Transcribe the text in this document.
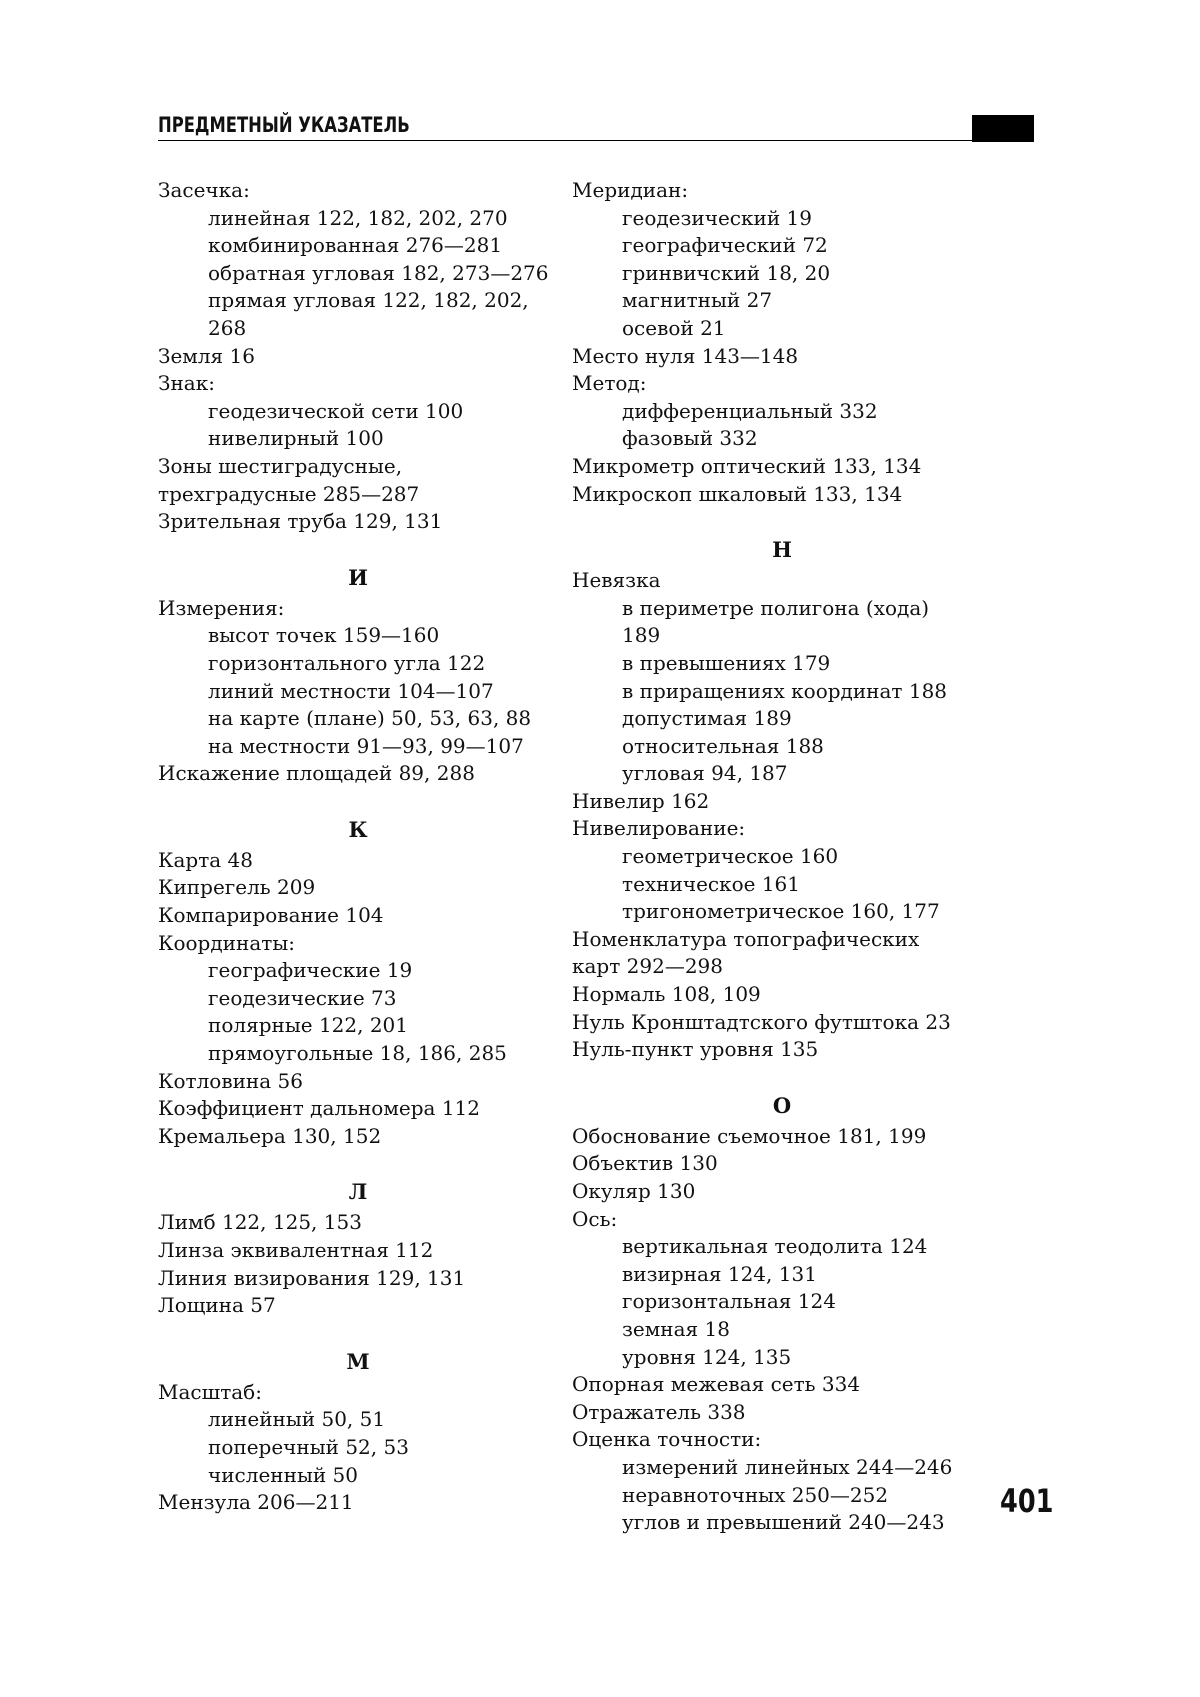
ПРЕДМЕТНЫЙ УКАЗАТЕЛЬ
Засечка:
линейная 122, 182, 202, 270
комбинированная 276—281
обратная угловая 182, 273—276
прямая угловая 122, 182, 202,
268
Земля 16
Знак:
геодезической сети 100
нивелирный 100
Зоны шестиградусные,
трехградусные 285—287
Зрительная труба 129, 131
И
Измерения:
высот точек 159—160
горизонтального угла 122
линий местности 104—107
на карте (плане) 50, 53, 63, 88
на местности 91—93, 99—107
Искажение площадей 89, 288
К
Карта 48
Кипрегель 209
Компарирование 104
Координаты:
географические 19
геодезические 73
полярные 122, 201
прямоугольные 18, 186, 285
Котловина 56
Коэффициент дальномера 112
Кремальера 130, 152
Л
Лимб 122, 125, 153
Линза эквивалентная 112
Линия визирования 129, 131
Лощина 57
М
Масштаб:
линейный 50, 51
поперечный 52, 53
численный 50
Мензула 206—211
Меридиан:
геодезический 19
географический 72
гринвичский 18, 20
магнитный 27
осевой 21
Место нуля 143—148
Метод:
дифференциальный 332
фазовый 332
Микрометр оптический 133, 134
Микроскоп шкаловый 133, 134
Н
Невязка
в периметре полигона (хода)
189
в превышениях 179
в приращениях координат 188
допустимая 189
относительная 188
угловая 94, 187
Нивелир 162
Нивелирование:
геометрическое 160
техническое 161
тригонометрическое 160, 177
Номенклатура топографических
карт 292—298
Нормаль 108, 109
Нуль Кронштадтского футштока 23
Нуль-пункт уровня 135
О
Обоснование съемочное 181, 199
Объектив 130
Окуляр 130
Ось:
вертикальная теодолита 124
визирная 124, 131
горизонтальная 124
земная 18
уровня 124, 135
Опорная межевая сеть 334
Отражатель 338
Оценка точности:
измерений линейных 244—246
неравноточных 250—252
углов и превышений 240—243
401
